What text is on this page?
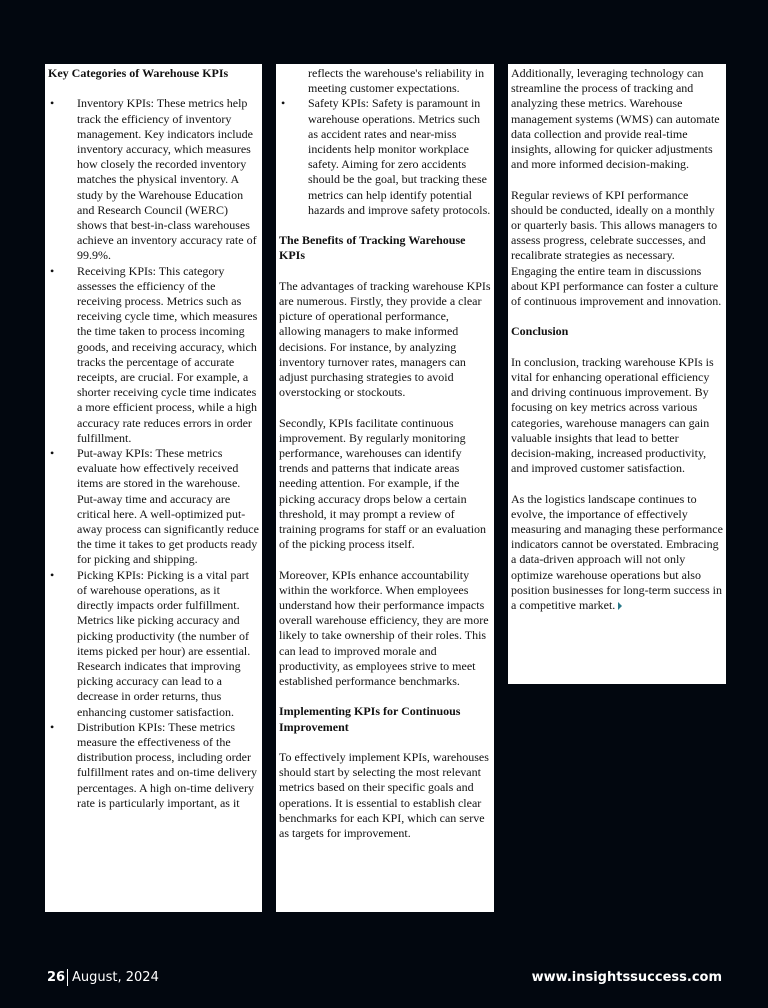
Key Categories of Warehouse KPIs
• Inventory KPIs: These metrics help track the efficiency of inventory management. Key indicators include inventory accuracy, which measures how closely the recorded inventory matches the physical inventory. A study by the Warehouse Education and Research Council (WERC) shows that best-in-class warehouses achieve an inventory accuracy rate of 99.9%.
• Receiving KPIs: This category assesses the efficiency of the receiving process. Metrics such as receiving cycle time, which measures the time taken to process incoming goods, and receiving accuracy, which tracks the percentage of accurate receipts, are crucial. For example, a shorter receiving cycle time indicates a more efficient process, while a high accuracy rate reduces errors in order fulfillment.
• Put-away KPIs: These metrics evaluate how effectively received items are stored in the warehouse. Put-away time and accuracy are critical here. A well-optimized put-away process can significantly reduce the time it takes to get products ready for picking and shipping.
• Picking KPIs: Picking is a vital part of warehouse operations, as it directly impacts order fulfillment. Metrics like picking accuracy and picking productivity (the number of items picked per hour) are essential. Research indicates that improving picking accuracy can lead to a decrease in order returns, thus enhancing customer satisfaction.
• Distribution KPIs: These metrics measure the effectiveness of the distribution process, including order fulfillment rates and on-time delivery percentages. A high on-time delivery rate is particularly important, as it
reflects the warehouse's reliability in meeting customer expectations.
• Safety KPIs: Safety is paramount in warehouse operations. Metrics such as accident rates and near-miss incidents help monitor workplace safety. Aiming for zero accidents should be the goal, but tracking these metrics can help identify potential hazards and improve safety protocols.
The Benefits of Tracking Warehouse KPIs

The advantages of tracking warehouse KPIs are numerous. Firstly, they provide a clear picture of operational performance, allowing managers to make informed decisions. For instance, by analyzing inventory turnover rates, managers can adjust purchasing strategies to avoid overstocking or stockouts.

Secondly, KPIs facilitate continuous improvement. By regularly monitoring performance, warehouses can identify trends and patterns that indicate areas needing attention. For example, if the picking accuracy drops below a certain threshold, it may prompt a review of training programs for staff or an evaluation of the picking process itself.

Moreover, KPIs enhance accountability within the workforce. When employees understand how their performance impacts overall warehouse efficiency, they are more likely to take ownership of their roles. This can lead to improved morale and productivity, as employees strive to meet established performance benchmarks.

Implementing KPIs for Continuous Improvement

To effectively implement KPIs, warehouses should start by selecting the most relevant metrics based on their specific goals and operations. It is essential to establish clear benchmarks for each KPI, which can serve as targets for improvement.

Additionally, leveraging technology can streamline the process of tracking and analyzing these metrics. Warehouse management systems (WMS) can automate data collection and provide real-time insights, allowing for quicker adjustments and more informed decision-making.

Regular reviews of KPI performance should be conducted, ideally on a monthly or quarterly basis. This allows managers to assess progress, celebrate successes, and recalibrate strategies as necessary. Engaging the entire team in discussions about KPI performance can foster a culture of continuous improvement and innovation.

Conclusion

In conclusion, tracking warehouse KPIs is vital for enhancing operational efficiency and driving continuous improvement. By focusing on key metrics across various categories, warehouse managers can gain valuable insights that lead to better decision-making, increased productivity, and improved customer satisfaction.

As the logistics landscape continues to evolve, the importance of effectively measuring and managing these performance indicators cannot be overstated. Embracing a data-driven approach will not only optimize warehouse operations but also position businesses for long-term success in a competitive market.

26 August, 2024	www.insightssuccess.com
